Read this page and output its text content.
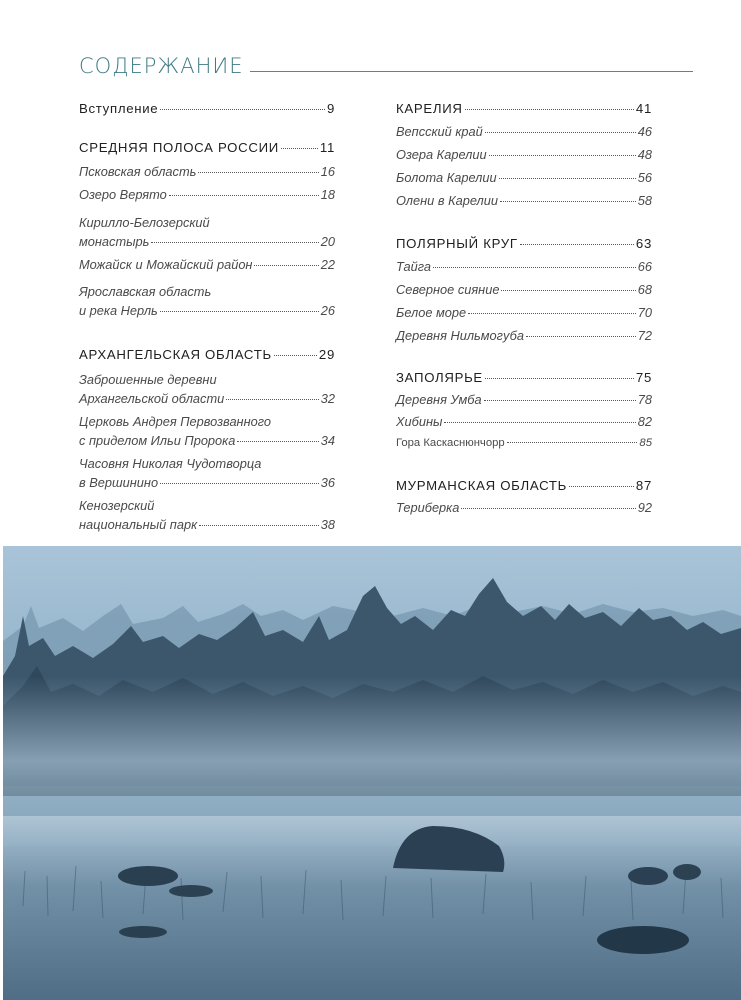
СОДЕРЖАНИЕ
Вступление	9
СРЕДНЯЯ ПОЛОСА РОССИИ	11
Псковская область	16
Озеро Верято	18
Кирилло-Белозерский
монастырь	20
Можайск и Можайский район	22
Ярославская область
и река Нерль	26
АРХАНГЕЛЬСКАЯ ОБЛАСТЬ	29
Заброшенные деревни
Архангельской области	32
Церковь Андрея Первозванного
с приделом Ильи Пророка	34
Часовня Николая Чудотворца
в Вершинино	36
Кенозерский
национальный парк	38
КАРЕЛИЯ	41
Вепсский край	46
Озера Карелии	48
Болота Карелии	56
Олени в Карелии	58
ПОЛЯРНЫЙ КРУГ	63
Тайга	66
Северное сияние	68
Белое море	70
Деревня Нильмогуба	72
ЗАПОЛЯРЬЕ	75
Деревня Умба	78
Хибины	82
Гора Каскаснюнчорр	85
МУРМАНСКАЯ ОБЛАСТЬ	87
Териберка	92
